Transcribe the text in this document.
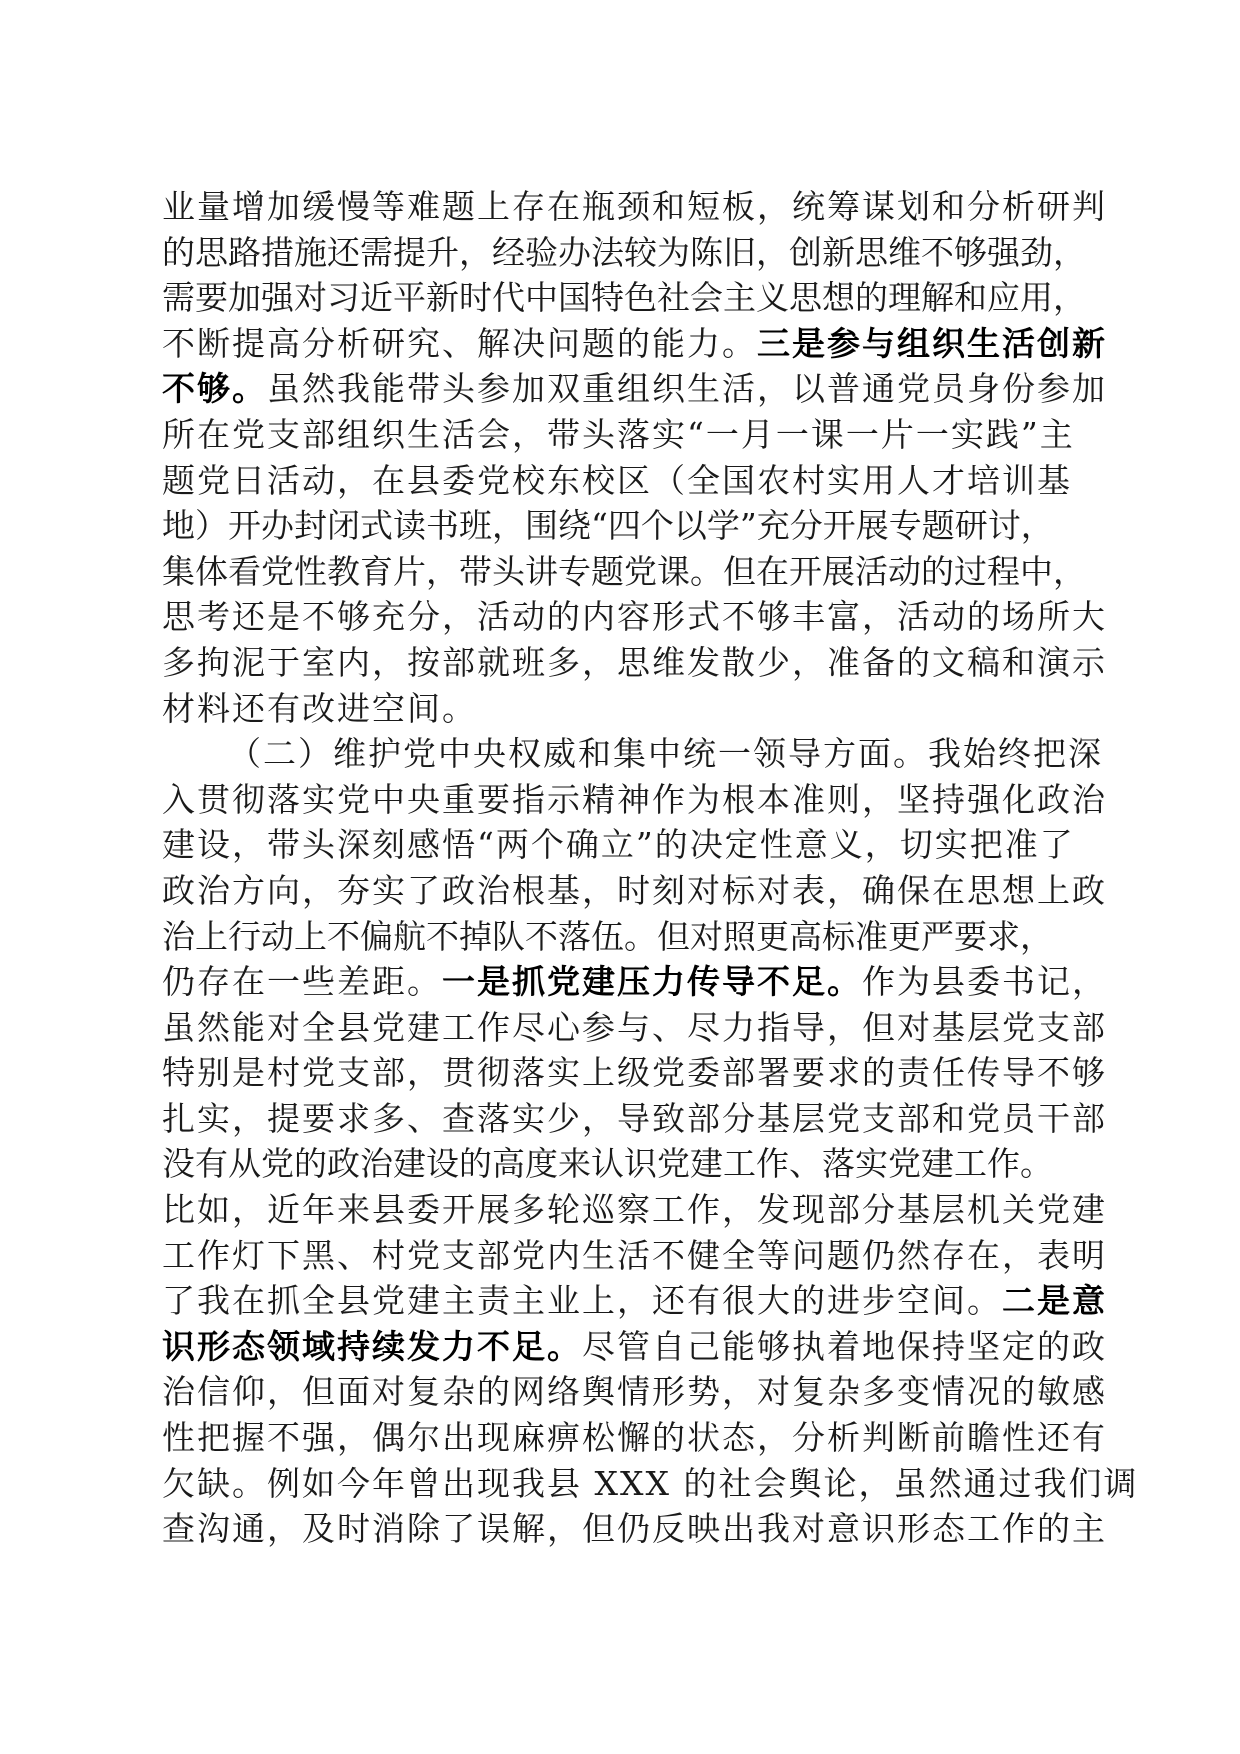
业量增加缓慢等难题上存在瓶颈和短板，统筹谋划和分析研判
的思路措施还需提升，经验办法较为陈旧，创新思维不够强劲，
需要加强对习近平新时代中国特色社会主义思想的理解和应用，
不断提高分析研究、解决问题的能力。三是参与组织生活创新
不够。虽然我能带头参加双重组织生活，以普通党员身份参加
所在党支部组织生活会，带头落实“一月一课一片一实践”主
题党日活动，在县委党校东校区（全国农村实用人才培训基
地）开办封闭式读书班，围绕“四个以学”充分开展专题研讨，
集体看党性教育片，带头讲专题党课。但在开展活动的过程中，
思考还是不够充分，活动的内容形式不够丰富，活动的场所大
多拘泥于室内，按部就班多，思维发散少，准备的文稿和演示
材料还有改进空间。
（二）维护党中央权威和集中统一领导方面。我始终把深
入贯彻落实党中央重要指示精神作为根本准则，坚持强化政治
建设，带头深刻感悟“两个确立”的决定性意义，切实把准了
政治方向，夯实了政治根基，时刻对标对表，确保在思想上政
治上行动上不偏航不掉队不落伍。但对照更高标准更严要求，
仍存在一些差距。一是抓党建压力传导不足。作为县委书记，
虽然能对全县党建工作尽心参与、尽力指导，但对基层党支部
特别是村党支部，贯彻落实上级党委部署要求的责任传导不够
扎实，提要求多、查落实少，导致部分基层党支部和党员干部
没有从党的政治建设的高度来认识党建工作、落实党建工作。
比如，近年来县委开展多轮巡察工作，发现部分基层机关党建
工作灯下黑、村党支部党内生活不健全等问题仍然存在，表明
了我在抓全县党建主责主业上，还有很大的进步空间。二是意
识形态领域持续发力不足。尽管自己能够执着地保持坚定的政
治信仰，但面对复杂的网络舆情形势，对复杂多变情况的敏感
性把握不强，偶尔出现麻痹松懈的状态，分析判断前瞻性还有
欠缺。例如今年曾出现我县 XXX 的社会舆论，虽然通过我们调
查沟通，及时消除了误解，但仍反映出我对意识形态工作的主
